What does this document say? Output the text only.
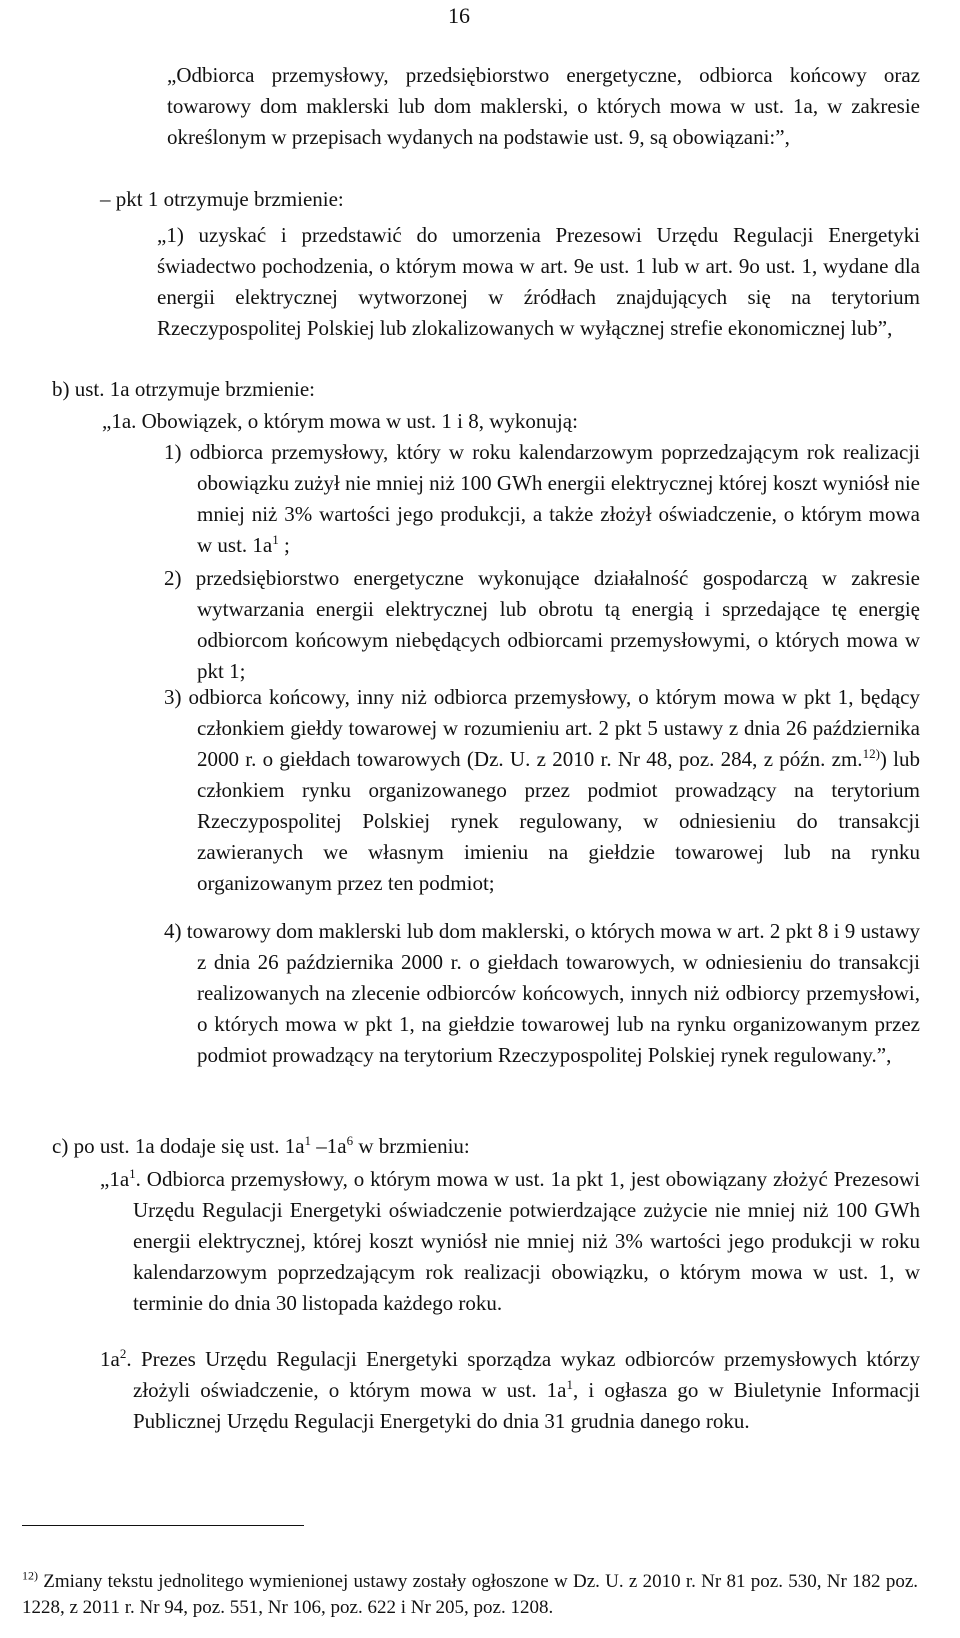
16

„Odbiorca przemysłowy, przedsiębiorstwo energetyczne, odbiorca końcowy oraz towarowy dom maklerski lub dom maklerski, o których mowa w ust. 1a, w zakresie określonym w przepisach wydanych na podstawie ust. 9, są obowiązani:”,

– pkt 1 otrzymuje brzmienie:

„1) uzyskać i przedstawić do umorzenia Prezesowi Urzędu Regulacji Energetyki świadectwo pochodzenia, o którym mowa w art. 9e ust. 1 lub w art. 9o ust. 1, wydane dla energii elektrycznej wytworzonej w źródłach znajdujących się na terytorium Rzeczypospolitej Polskiej lub zlokalizowanych w wyłącznej strefie ekonomicznej lub”,

b) ust. 1a otrzymuje brzmienie:

„1a. Obowiązek, o którym mowa w ust. 1 i 8, wykonują:

1) odbiorca przemysłowy, który w roku kalendarzowym poprzedzającym rok realizacji obowiązku zużył nie mniej niż 100 GWh energii elektrycznej której koszt wyniósł nie mniej niż 3% wartości jego produkcji, a także złożył oświadczenie, o którym mowa w ust. $1a^1$ ;

2) przedsiębiorstwo energetyczne wykonujące działalność gospodarczą w zakresie wytwarzania energii elektrycznej lub obrotu tą energią i sprzedające tę energię odbiorcom końcowym niebędących odbiorcami przemysłowymi, o których mowa w pkt 1;

3) odbiorca końcowy, inny niż odbiorca przemysłowy, o którym mowa w pkt 1, będący członkiem giełdy towarowej w rozumieniu art. 2 pkt 5 ustawy z dnia 26 października 2000 r. o giełdach towarowych (Dz. U. z 2010 r. Nr 48, poz. 284, z późn. zm.$^{12)}$) lub członkiem rynku organizowanego przez podmiot prowadzący na terytorium Rzeczypospolitej Polskiej rynek regulowany, w odniesieniu do transakcji zawieranych we własnym imieniu na giełdzie towarowej lub na rynku organizowanym przez ten podmiot;

4) towarowy dom maklerski lub dom maklerski, o których mowa w art. 2 pkt 8 i 9 ustawy z dnia 26 października 2000 r. o giełdach towarowych, w odniesieniu do transakcji realizowanych na zlecenie odbiorców końcowych, innych niż odbiorcy przemysłowi, o których mowa w pkt 1, na giełdzie towarowej lub na rynku organizowanym przez podmiot prowadzący na terytorium Rzeczypospolitej Polskiej rynek regulowany.”,

c) po ust. 1a dodaje się ust. $1a^1$ $-1a^6$ w brzmieniu:

$„1a^1$. Odbiorca przemysłowy, o którym mowa w ust. 1a pkt 1, jest obowiązany złożyć Prezesowi Urzędu Regulacji Energetyki oświadczenie potwierdzające zużycie nie mniej niż 100 GWh energii elektrycznej, której koszt wyniósł nie mniej niż 3% wartości jego produkcji w roku kalendarzowym poprzedzającym rok realizacji obowiązku, o którym mowa w ust. 1, w terminie do dnia 30 listopada każdego roku.

$1a^2$. Prezes Urzędu Regulacji Energetyki sporządza wykaz odbiorców przemysłowych którzy złożyli oświadczenie, o którym mowa w ust. $1a^1$, i ogłasza go w Biuletynie Informacji Publicznej Urzędu Regulacji Energetyki do dnia 31 grudnia danego roku.

$^{12)}$ Zmiany tekstu jednolitego wymienionej ustawy zostały ogłoszone w Dz. U. z 2010 r. Nr 81 poz. 530, Nr 182 poz. 1228, z 2011 r. Nr 94, poz. 551, Nr 106, poz. 622 i Nr 205, poz. 1208.
